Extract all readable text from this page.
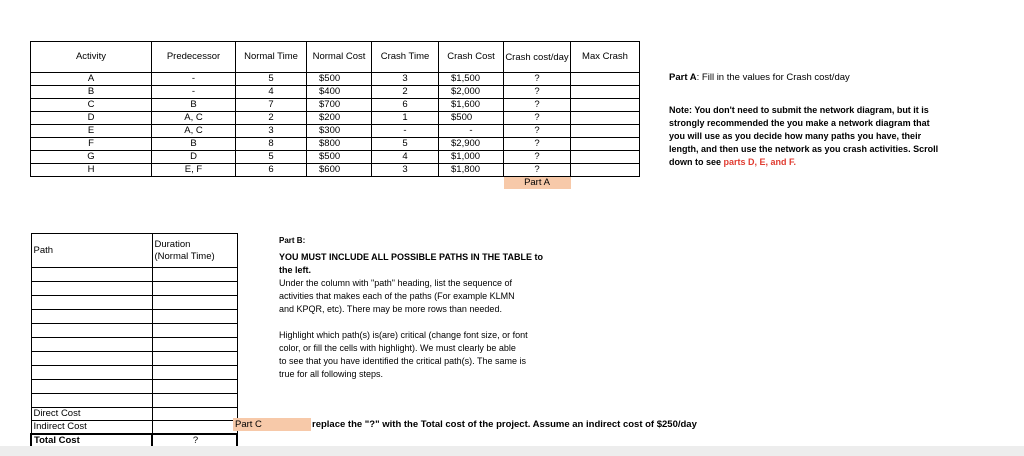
Activity	Predecessor	Normal Time	Normal Cost	Crash Time	Crash Cost	Crash cost/day	Max Crash
A	-	5	$500	3	$1,500	?	
B	-	4	$400	2	$2,000	?	
C	B	7	$700	6	$1,600	?	
D	A, C	2	$200	1	$500	?	
E	A, C	3	$300	-	-	?	
F	B	8	$800	5	$2,900	?	
G	D	5	$500	4	$1,000	?	
H	E, F	6	$600	3	$1,800	?	
						Part A	
Part A: Fill in the values for Crash cost/day
Note: You don't need to submit the network diagram, but it is
strongly recommended the you make a network diagram that
you will use as you decide how many paths you have, their
length, and then use the network as you crash activities. Scroll
down to see parts D, E, and F.
Path	Duration
(Normal Time)

Direct Cost	
Indirect Cost	
Total Cost	?
Part B:
YOU MUST INCLUDE ALL POSSIBLE PATHS IN THE TABLE to
the left.
Under the column with "path" heading, list the sequence of
activities that makes each of the paths (For example KLMN
and KPQR, etc). There may be more rows than needed.
Highlight which path(s) is(are) critical (change font size, or font
color, or fill the cells with highlight). We must clearly be able
to see that you have identified the critical path(s). The same is
true for all following steps.
Part C	replace the "?" with the Total cost of the project. Assume an indirect cost of $250/day
